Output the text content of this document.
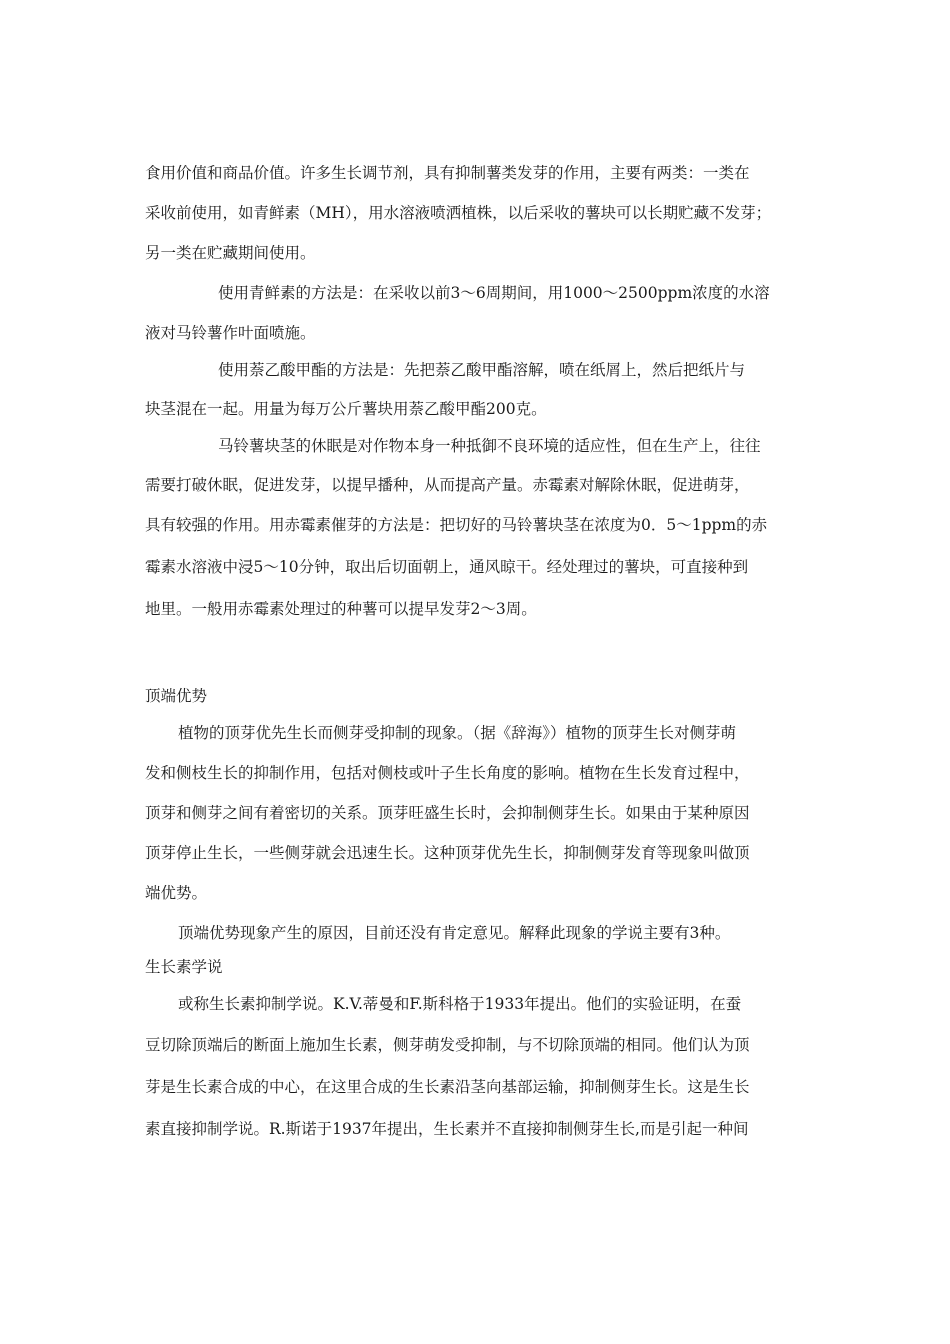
食用价值和商品价值。许多生长调节剂，具有抑制薯类发芽的作用，主要有两类：一类在

采收前使用，如青鲜素（MH），用水溶液喷洒植株，以后采收的薯块可以长期贮藏不发芽；

另一类在贮藏期间使用。

使用青鲜素的方法是：在采收以前3～6周期间，用1000～2500ppm浓度的水溶

液对马铃薯作叶面喷施。

使用萘乙酸甲酯的方法是：先把萘乙酸甲酯溶解，喷在纸屑上，然后把纸片与

块茎混在一起。用量为每万公斤薯块用萘乙酸甲酯200克。

马铃薯块茎的休眠是对作物本身一种抵御不良环境的适应性，但在生产上，往往

需要打破休眠，促进发芽，以提早播种，从而提高产量。赤霉素对解除休眠，促进萌芽，

具有较强的作用。用赤霉素催芽的方法是：把切好的马铃薯块茎在浓度为0．5～1ppm的赤

霉素水溶液中浸5～10分钟，取出后切面朝上，通风晾干。经处理过的薯块，可直接种到

地里。一般用赤霉素处理过的种薯可以提早发芽2～3周。

顶端优势

植物的顶芽优先生长而侧芽受抑制的现象。（据《辞海》）植物的顶芽生长对侧芽萌

发和侧枝生长的抑制作用，包括对侧枝或叶子生长角度的影响。植物在生长发育过程中，

顶芽和侧芽之间有着密切的关系。顶芽旺盛生长时，会抑制侧芽生长。如果由于某种原因

顶芽停止生长，一些侧芽就会迅速生长。这种顶芽优先生长，抑制侧芽发育等现象叫做顶

端优势。

顶端优势现象产生的原因，目前还没有肯定意见。解释此现象的学说主要有3种。

生长素学说

或称生长素抑制学说。K.V.蒂曼和F.斯科格于1933年提出。他们的实验证明，在蚕

豆切除顶端后的断面上施加生长素，侧芽萌发受抑制，与不切除顶端的相同。他们认为顶

芽是生长素合成的中心，在这里合成的生长素沿茎向基部运输，抑制侧芽生长。这是生长

素直接抑制学说。R.斯诺于1937年提出，生长素并不直接抑制侧芽生长,而是引起一种间
